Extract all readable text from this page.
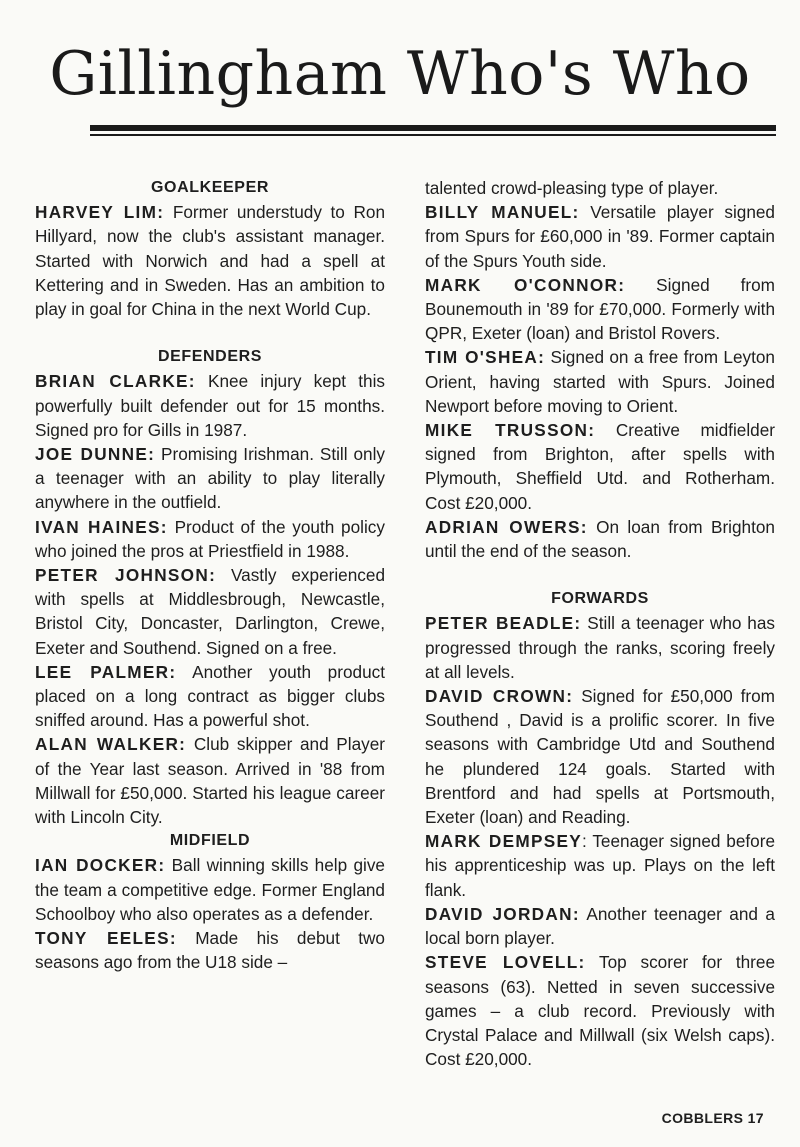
Gillingham Who's Who
GOALKEEPER

HARVEY LIM: Former understudy to Ron Hillyard, now the club's assistant manager. Started with Norwich and had a spell at Kettering and in Sweden. Has an ambition to play in goal for China in the next World Cup.

DEFENDERS

BRIAN CLARKE: Knee injury kept this powerfully built defender out for 15 months. Signed pro for Gills in 1987.

JOE DUNNE: Promising Irishman. Still only a teenager with an ability to play literally anywhere in the outfield.

IVAN HAINES: Product of the youth policy who joined the pros at Priestfield in 1988.

PETER JOHNSON: Vastly experienced with spells at Middlesbrough, Newcastle, Bristol City, Doncaster, Darlington, Crewe, Exeter and Southend. Signed on a free.

LEE PALMER: Another youth product placed on a long contract as bigger clubs sniffed around. Has a powerful shot.

ALAN WALKER: Club skipper and Player of the Year last season. Arrived in '88 from Millwall for £50,000. Started his league career with Lincoln City.

MIDFIELD

IAN DOCKER: Ball winning skills help give the team a competitive edge. Former England Schoolboy who also operates as a defender.

TONY EELES: Made his debut two seasons ago from the U18 side –

talented crowd-pleasing type of player.

BILLY MANUEL: Versatile player signed from Spurs for £60,000 in '89. Former captain of the Spurs Youth side.

MARK O'CONNOR: Signed from Bounemouth in '89 for £70,000. Formerly with QPR, Exeter (loan) and Bristol Rovers.

TIM O'SHEA: Signed on a free from Leyton Orient, having started with Spurs. Joined Newport before moving to Orient.

MIKE TRUSSON: Creative midfielder signed from Brighton, after spells with Plymouth, Sheffield Utd. and Rotherham. Cost £20,000.

ADRIAN OWERS: On loan from Brighton until the end of the season.

FORWARDS

PETER BEADLE: Still a teenager who has progressed through the ranks, scoring freely at all levels.

DAVID CROWN: Signed for £50,000 from Southend , David is a prolific scorer. In five seasons with Cambridge Utd and Southend he plundered 124 goals. Started with Brentford and had spells at Portsmouth, Exeter (loan) and Reading.

MARK DEMPSEY: Teenager signed before his apprenticeship was up. Plays on the left flank.

DAVID JORDAN: Another teenager and a local born player.

STEVE LOVELL: Top scorer for three seasons (63). Netted in seven successive games – a club record. Previously with Crystal Palace and Millwall (six Welsh caps). Cost £20,000.

COBBLERS 17
